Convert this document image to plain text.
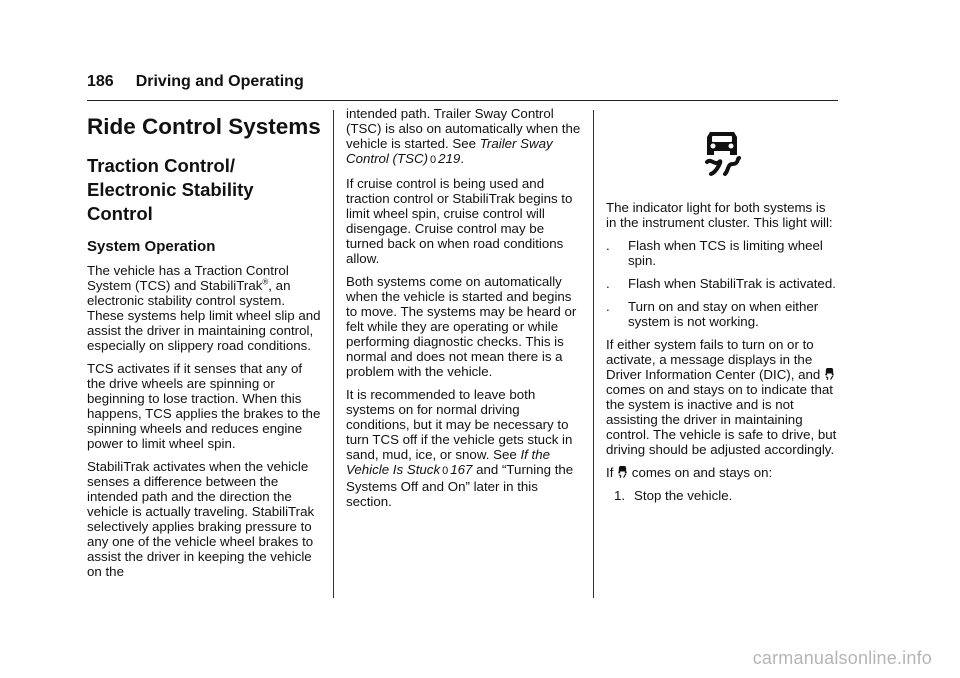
186 Driving and Operating
Ride Control Systems
Traction Control/ Electronic Stability Control
System Operation

The vehicle has a Traction Control System (TCS) and StabiliTrak®, an electronic stability control system. These systems help limit wheel slip and assist the driver in maintaining control, especially on slippery road conditions.

TCS activates if it senses that any of the drive wheels are spinning or beginning to lose traction. When this happens, TCS applies the brakes to the spinning wheels and reduces engine power to limit wheel spin.

StabiliTrak activates when the vehicle senses a difference between the intended path and the direction the vehicle is actually traveling. StabiliTrak selectively applies braking pressure to any one of the vehicle wheel brakes to assist the driver in keeping the vehicle on the

intended path. Trailer Sway Control (TSC) is also on automatically when the vehicle is started. See Trailer Sway Control (TSC) 0 219.

If cruise control is being used and traction control or StabiliTrak begins to limit wheel spin, cruise control will disengage. Cruise control may be turned back on when road conditions allow.

Both systems come on automatically when the vehicle is started and begins to move. The systems may be heard or felt while they are operating or while performing diagnostic checks. This is normal and does not mean there is a problem with the vehicle.

It is recommended to leave both systems on for normal driving conditions, but it may be necessary to turn TCS off if the vehicle gets stuck in sand, mud, ice, or snow. See If the Vehicle Is Stuck 0 167 and “Turning the Systems Off and On” later in this section.

The indicator light for both systems is in the instrument cluster. This light will:

.	Flash when TCS is limiting wheel spin.
.	Flash when StabiliTrak is activated.
.	Turn on and stay on when either system is not working.

If either system fails to turn on or to activate, a message displays in the Driver Information Center (DIC), and  comes on and stays on to indicate that the system is inactive and is not assisting the driver in maintaining control. The vehicle is safe to drive, but driving should be adjusted accordingly.

If  comes on and stays on:

1. Stop the vehicle.
carmanualsonline.info
